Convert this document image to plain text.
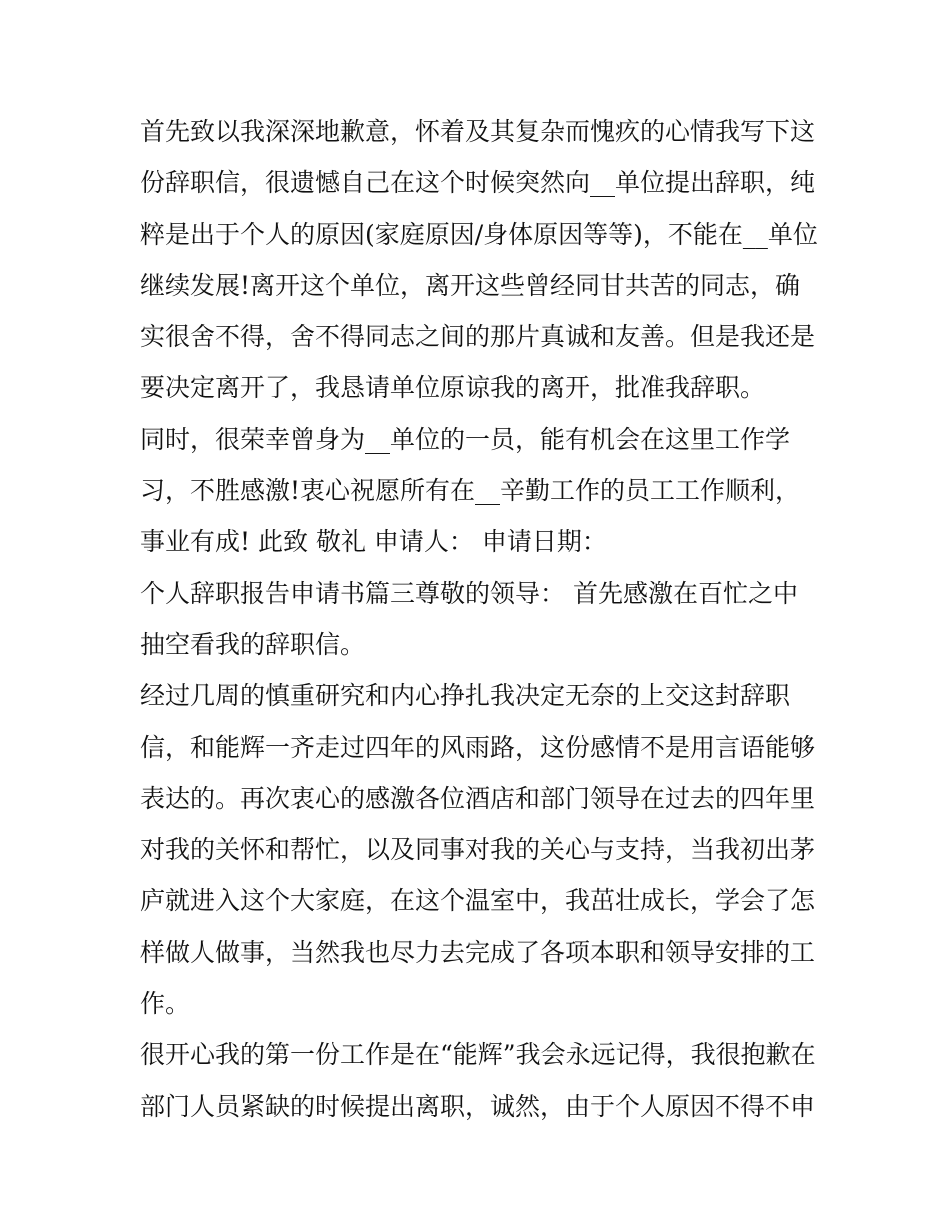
首先致以我深深地歉意，怀着及其复杂而愧疚的心情我写下这
份辞职信，很遗憾自己在这个时候突然向__单位提出辞职，纯
粹是出于个人的原因(家庭原因/身体原因等等)，不能在__单位
继续发展!离开这个单位，离开这些曾经同甘共苦的同志，确
实很舍不得，舍不得同志之间的那片真诚和友善。但是我还是
要决定离开了，我恳请单位原谅我的离开，批准我辞职。
同时，很荣幸曾身为__单位的一员，能有机会在这里工作学
习，不胜感激!衷心祝愿所有在__辛勤工作的员工工作顺利，
事业有成! 此致 敬礼 申请人： 申请日期：
个人辞职报告申请书篇三尊敬的领导： 首先感激在百忙之中
抽空看我的辞职信。
经过几周的慎重研究和内心挣扎我决定无奈的上交这封辞职
信，和能辉一齐走过四年的风雨路，这份感情不是用言语能够
表达的。再次衷心的感激各位酒店和部门领导在过去的四年里
对我的关怀和帮忙，以及同事对我的关心与支持，当我初出茅
庐就进入这个大家庭，在这个温室中，我茁壮成长，学会了怎
样做人做事，当然我也尽力去完成了各项本职和领导安排的工
作。
很开心我的第一份工作是在“能辉”我会永远记得，我很抱歉在
部门人员紧缺的时候提出离职，诚然，由于个人原因不得不申
